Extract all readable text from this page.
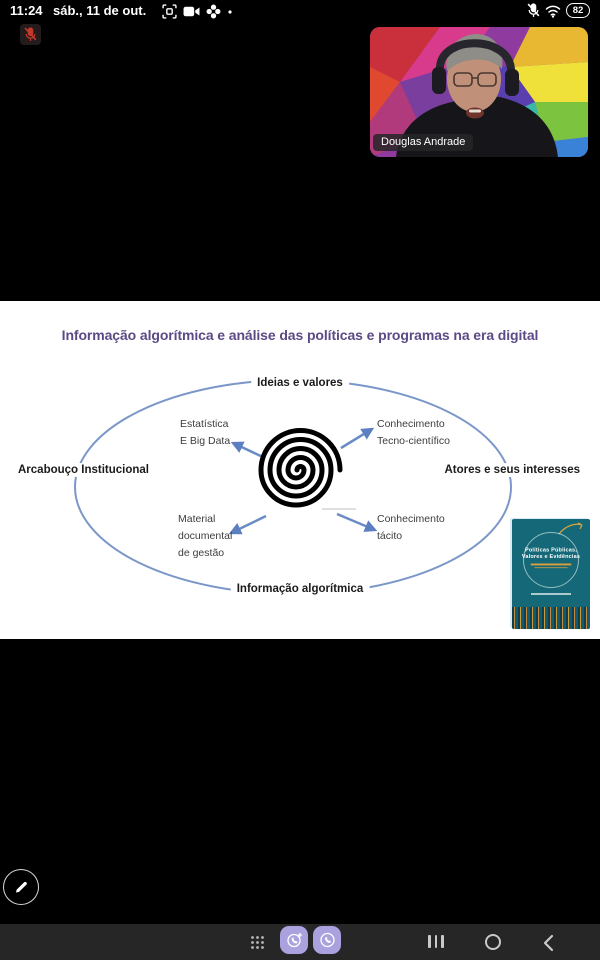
11:24 sáb., 11 de out.	82
Douglas Andrade
Informação algorítmica e análise das políticas e programas na era digital
Ideias e valores
Arcabouço Institucional	Atores e seus interesses
Informação algorítmica
Estatística
E Big Data
Conhecimento
Tecno-científico
Material
documental
de gestão
Conhecimento
tácito
Políticas Públicas,
Valores e Evidências
